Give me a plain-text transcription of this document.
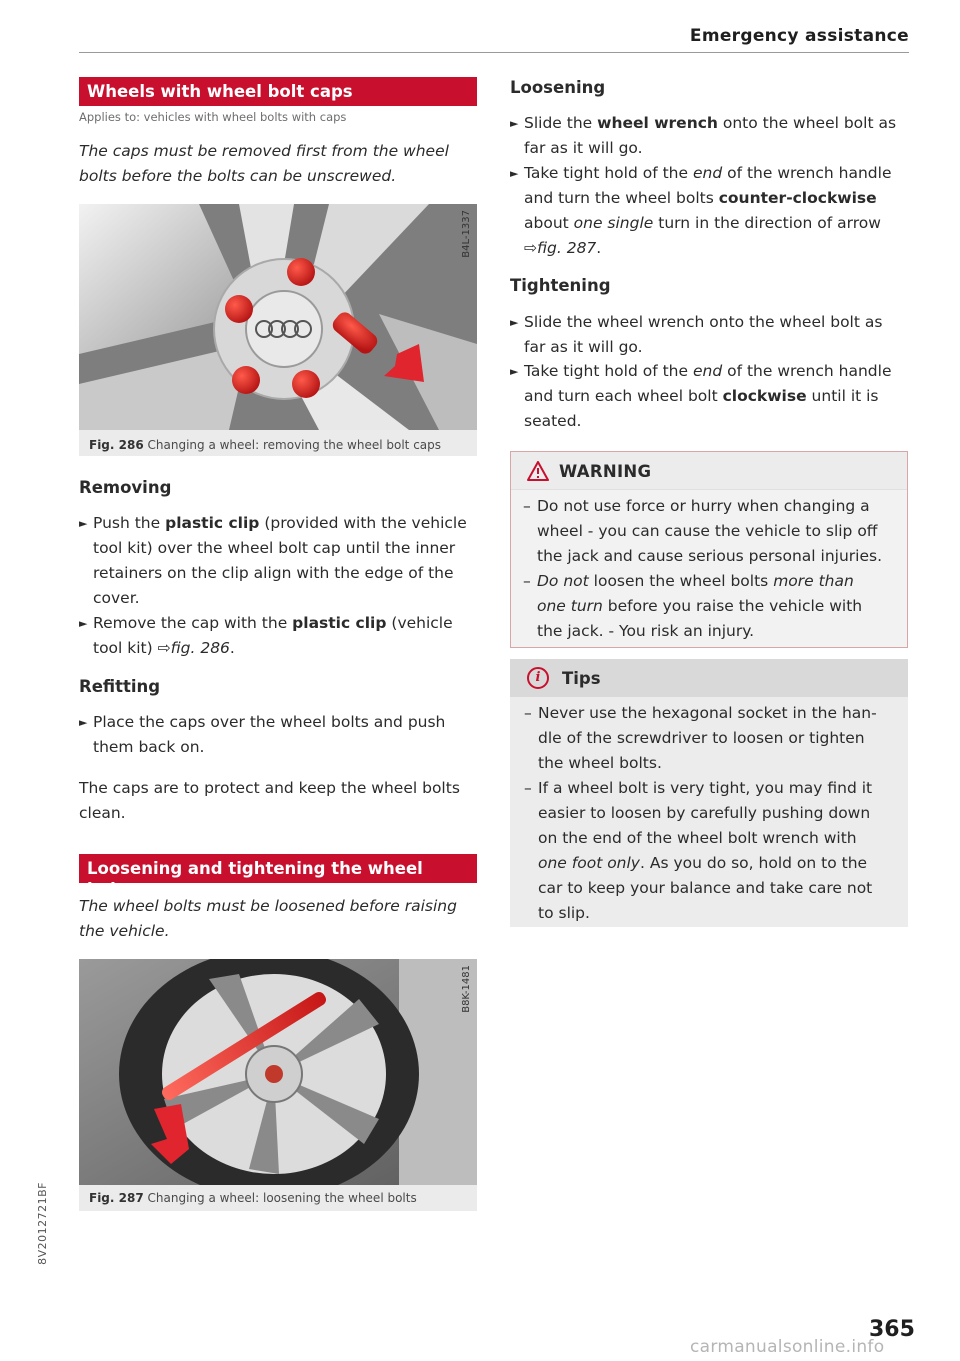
Emergency assistance
Wheels with wheel bolt caps
Applies to: vehicles with wheel bolts with caps
The caps must be removed first from the wheel
bolts before the bolts can be unscrewed.
B4L-1337
Fig. 286 Changing a wheel: removing the wheel bolt caps
Removing
► Push the plastic clip (provided with the vehicle
tool kit) over the wheel bolt cap until the inner
retainers on the clip align with the edge of the
cover.
► Remove the cap with the plastic clip (vehicle
tool kit) ⇨fig. 286.
Refitting
► Place the caps over the wheel bolts and push
them back on.
The caps are to protect and keep the wheel bolts
clean.
Loosening and tightening the wheel bolts
The wheel bolts must be loosened before raising
the vehicle.
B8K-1481
Fig. 287 Changing a wheel: loosening the wheel bolts
Loosening
► Slide the wheel wrench onto the wheel bolt as
far as it will go.
► Take tight hold of the end of the wrench handle
and turn the wheel bolts counter-clockwise
about one single turn in the direction of arrow
⇨fig. 287.
Tightening
► Slide the wheel wrench onto the wheel bolt as
far as it will go.
► Take tight hold of the end of the wrench handle
and turn each wheel bolt clockwise until it is
seated.
WARNING
– Do not use force or hurry when changing a
wheel - you can cause the vehicle to slip off
the jack and cause serious personal injuries.
– Do not loosen the wheel bolts more than
one turn before you raise the vehicle with
the jack. - You risk an injury.
i	Tips
– Never use the hexagonal socket in the han-
dle of the screwdriver to loosen or tighten
the wheel bolts.
– If a wheel bolt is very tight, you may find it
easier to loosen by carefully pushing down
on the end of the wheel bolt wrench with
one foot only. As you do so, hold on to the
car to keep your balance and take care not
to slip.
8V2012721BF
365
carmanualsonline.info
